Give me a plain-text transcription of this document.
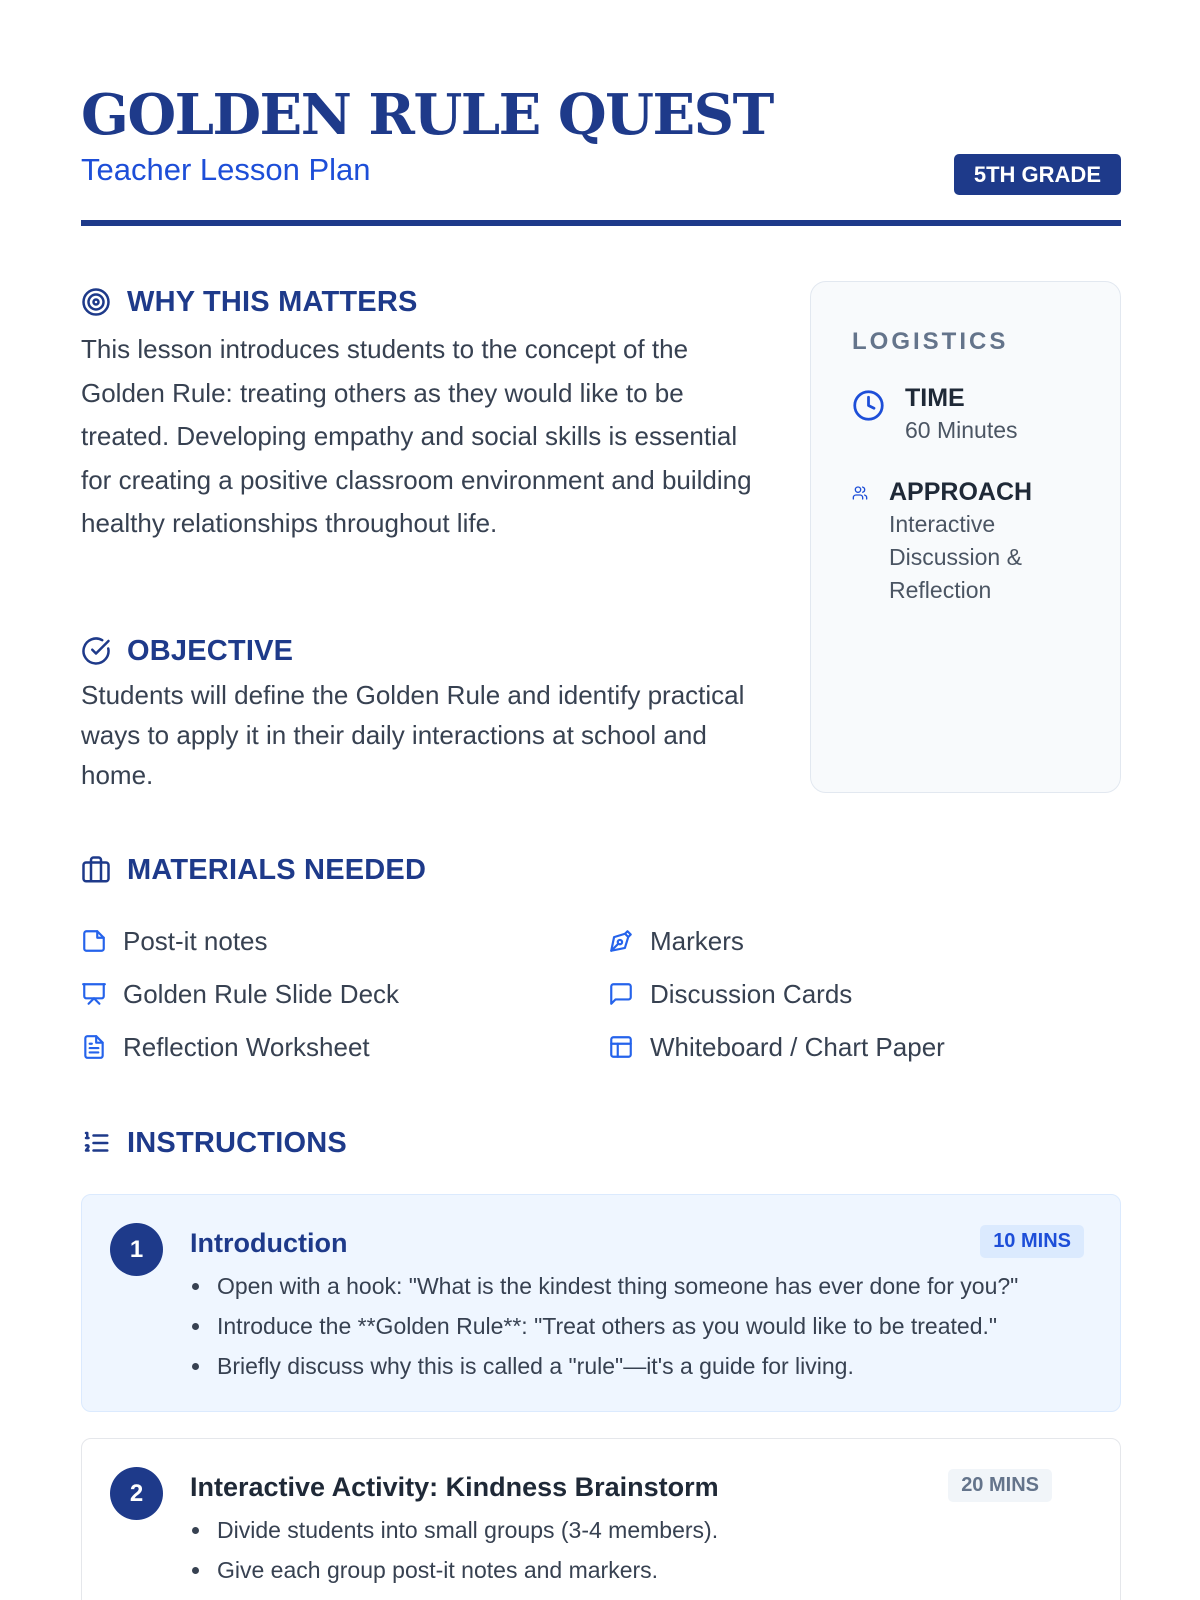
GOLDEN RULE QUEST
Teacher Lesson Plan	5TH GRADE
WHY THIS MATTERS

This lesson introduces students to the concept of the Golden Rule: treating others as they would like to be treated. Developing empathy and social skills is essential for creating a positive classroom environment and building healthy relationships throughout life.

OBJECTIVE

Students will define the Golden Rule and identify practical ways to apply it in their daily interactions at school and home.

LOGISTICS
TIME
60 Minutes
APPROACH
Interactive Discussion & Reflection
MATERIALS NEEDED
Post-it notes	Markers
Golden Rule Slide Deck	Discussion Cards
Reflection Worksheet	Whiteboard / Chart Paper
INSTRUCTIONS
1	Introduction	10 MINS
Open with a hook: "What is the kindest thing someone has ever done for you?"
Introduce the **Golden Rule**: "Treat others as you would like to be treated."
Briefly discuss why this is called a "rule"—it's a guide for living.
2	Interactive Activity: Kindness Brainstorm	20 MINS
Divide students into small groups (3-4 members).
Give each group post-it notes and markers.
